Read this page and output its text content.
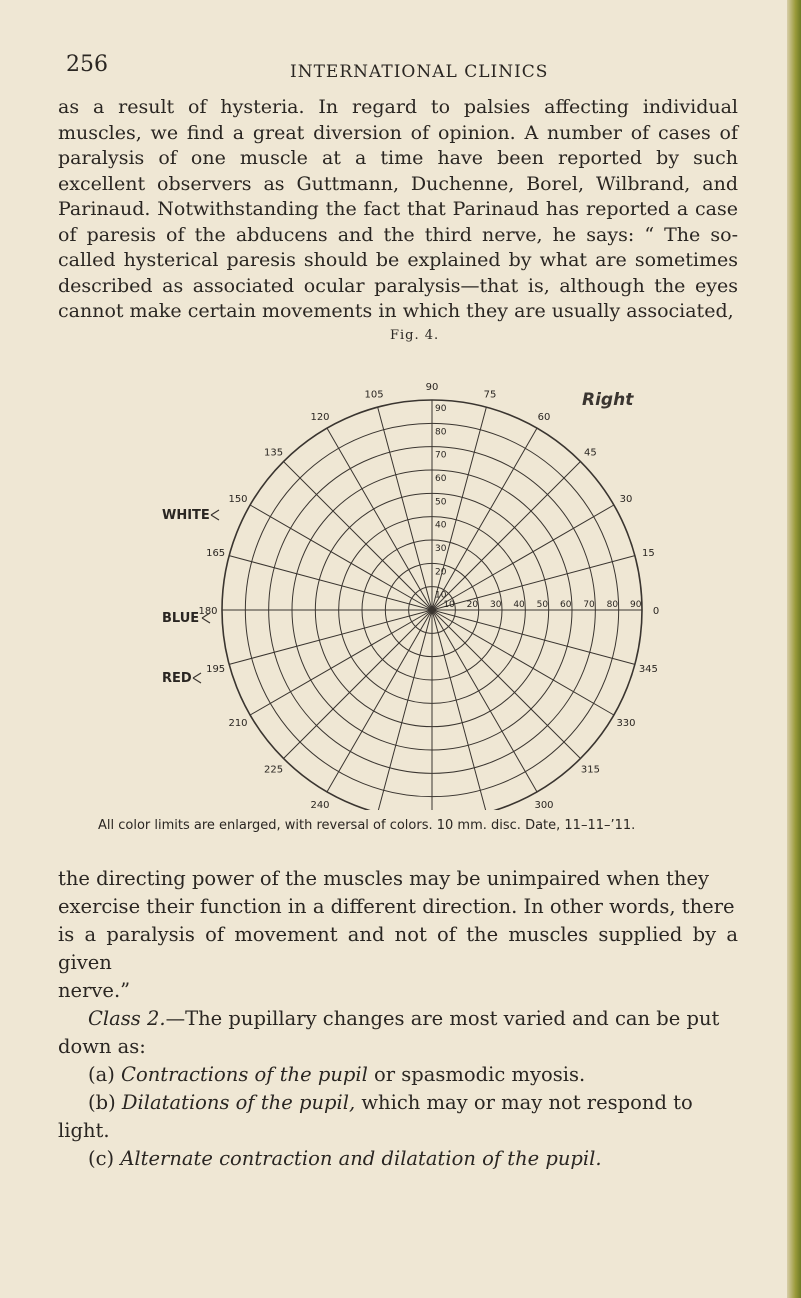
256	INTERNATIONAL CLINICS

as a result of hysteria. In regard to palsies affecting individual muscles, we find a great diversion of opinion. A number of cases of paralysis of one muscle at a time have been reported by such excellent observers as Guttmann, Duchenne, Borel, Wilbrand, and Parinaud. Notwithstanding the fact that Parinaud has reported a case of paresis of the abducens and the third nerve, he says: “ The so-called hysterical paresis should be explained by what are sometimes described as associated ocular paralysis—that is, although the eyes cannot make certain movements in which they are usually associated,

Fig. 4.
0
15
30
45
60
75
90
105
120
135
150
165
180
195
210
225
240	300
315
330
345
10
10
20
20
30
30
40
40
50
50
60
60
70
70
80
80
90
90
Right
WHITE
BLUE
RED
All color limits are enlarged, with reversal of colors. 10 mm. disc. Date, 11–11–’11.
the directing power of the muscles may be unimpaired when they
exercise their function in a different direction. In other words, there
is a paralysis of movement and not of the muscles supplied by a given
nerve.”
Class 2.—The pupillary changes are most varied and can be put
down as:
(a) Contractions of the pupil or spasmodic myosis.
(b) Dilatations of the pupil, which may or may not respond to
light.
(c) Alternate contraction and dilatation of the pupil.
